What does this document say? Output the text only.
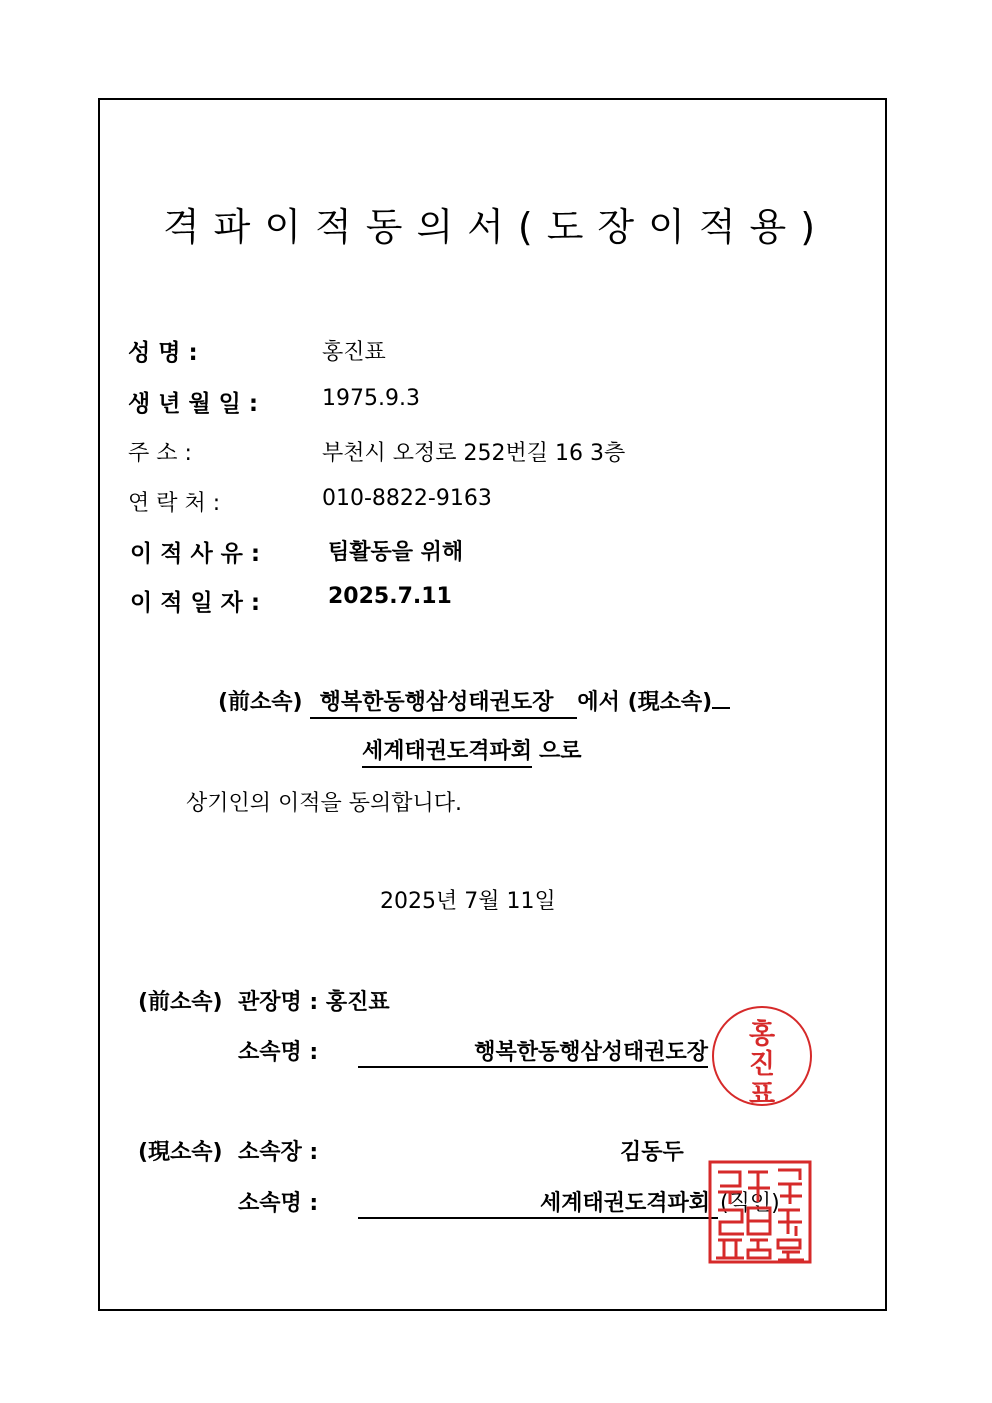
격파이적동의서(도장이적용)
성 명 :	홍진표
생 년 월 일 :	1975.9.3
주 소 :	부천시 오정로 252번길 16 3층
연 락 처 :	010-8822-9163
이 적 사 유 :	팀활동을 위해
이 적 일 자 :	2025.7.11
(前소속) 행복한동행삼성태권도장 에서 (現소속)
세계태권도격파회 으로
상기인의 이적을 동의합니다.
2025년 7월 11일
(前소속) 관장명 : 홍진표
소속명 :	행복한동행삼성태권도장
홍
진
표
(現소속) 소속장 :	김동두
소속명 :	세계태권도격파회 (직인)
